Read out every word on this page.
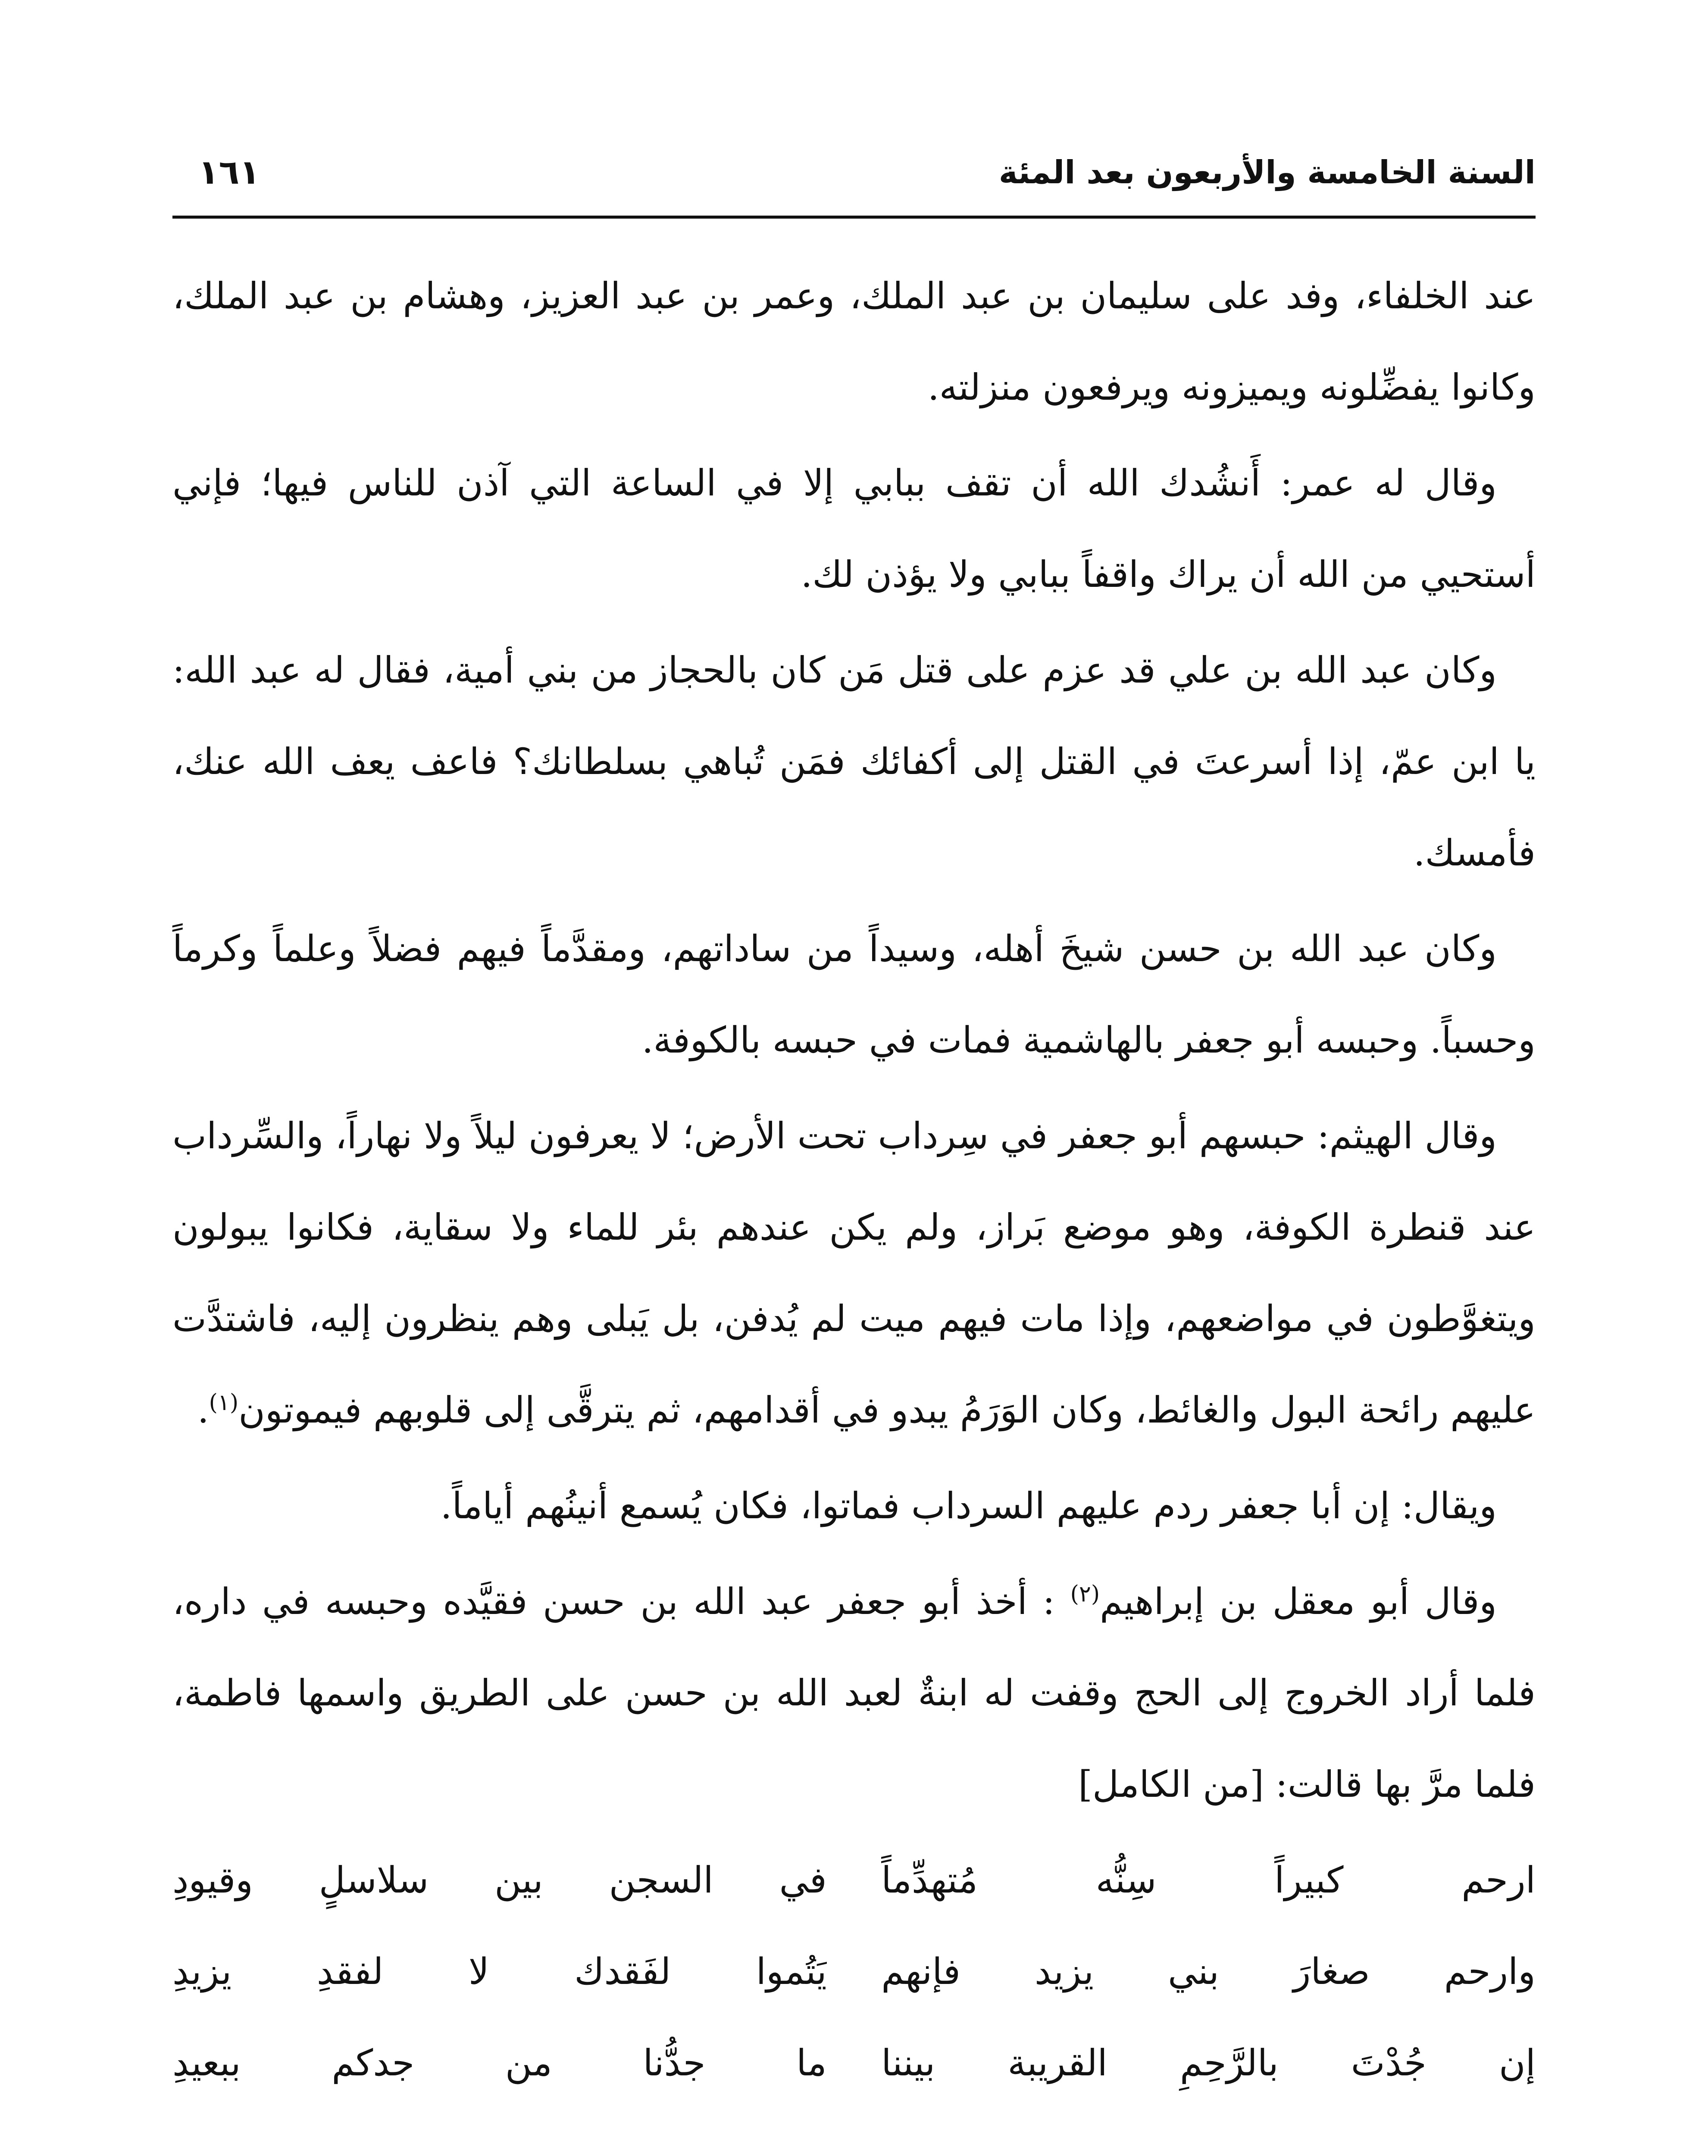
السنة الخامسة والأربعون بعد المئة
١٦١

عند الخلفاء، وفد على سليمان بن عبد الملك، وعمر بن عبد العزيز، وهشام بن عبد الملك، وكانوا يفضِّلونه ويميزونه ويرفعون منزلته.

وقال له عمر: أَنشُدك الله أن تقف ببابي إلا في الساعة التي آذن للناس فيها؛ فإني أستحيي من الله أن يراك واقفاً ببابي ولا يؤذن لك.

وكان عبد الله بن علي قد عزم على قتل مَن كان بالحجاز من بني أمية، فقال له عبد الله: يا ابن عمّ، إذا أسرعتَ في القتل إلى أكفائك فمَن تُباهي بسلطانك؟ فاعف يعف الله عنك، فأمسك.

وكان عبد الله بن حسن شيخَ أهله، وسيداً من ساداتهم، ومقدَّماً فيهم فضلاً وعلماً وكرماً وحسباً. وحبسه أبو جعفر بالهاشمية فمات في حبسه بالكوفة.

وقال الهيثم: حبسهم أبو جعفر في سِرداب تحت الأرض؛ لا يعرفون ليلاً ولا نهاراً، والسِّرداب عند قنطرة الكوفة، وهو موضع بَراز، ولم يكن عندهم بئر للماء ولا سقاية، فكانوا يبولون ويتغوَّطون في مواضعهم، وإذا مات فيهم ميت لم يُدفن، بل يَبلى وهم ينظرون إليه، فاشتدَّت عليهم رائحة البول والغائط، وكان الوَرَمُ يبدو في أقدامهم، ثم يترقَّى إلى قلوبهم فيموتون$^{(١)}$.

ويقال: إن أبا جعفر ردم عليهم السرداب فماتوا، فكان يُسمع أنينُهم أياماً.

وقال أبو معقل بن إبراهيم$^{(٢)}$ : أخذ أبو جعفر عبد الله بن حسن فقيَّده وحبسه في داره، فلما أراد الخروج إلى الحج وقفت له ابنةٌ لعبد الله بن حسن على الطريق واسمها فاطمة، فلما مرَّ بها قالت: [من الكامل]

ارحم كبيراً سِنُّه مُتهدِّماً
في السجن بين سلاسلٍ وقيودِ
وارحم صغارَ بني يزيد فإنهم
يَتُموا لفَقدك لا لفقدِ يزيدِ
إن جُدْتَ بالرَّحِمِ القريبة بيننا
ما جدُّنا من جدكم ببعيدِ
